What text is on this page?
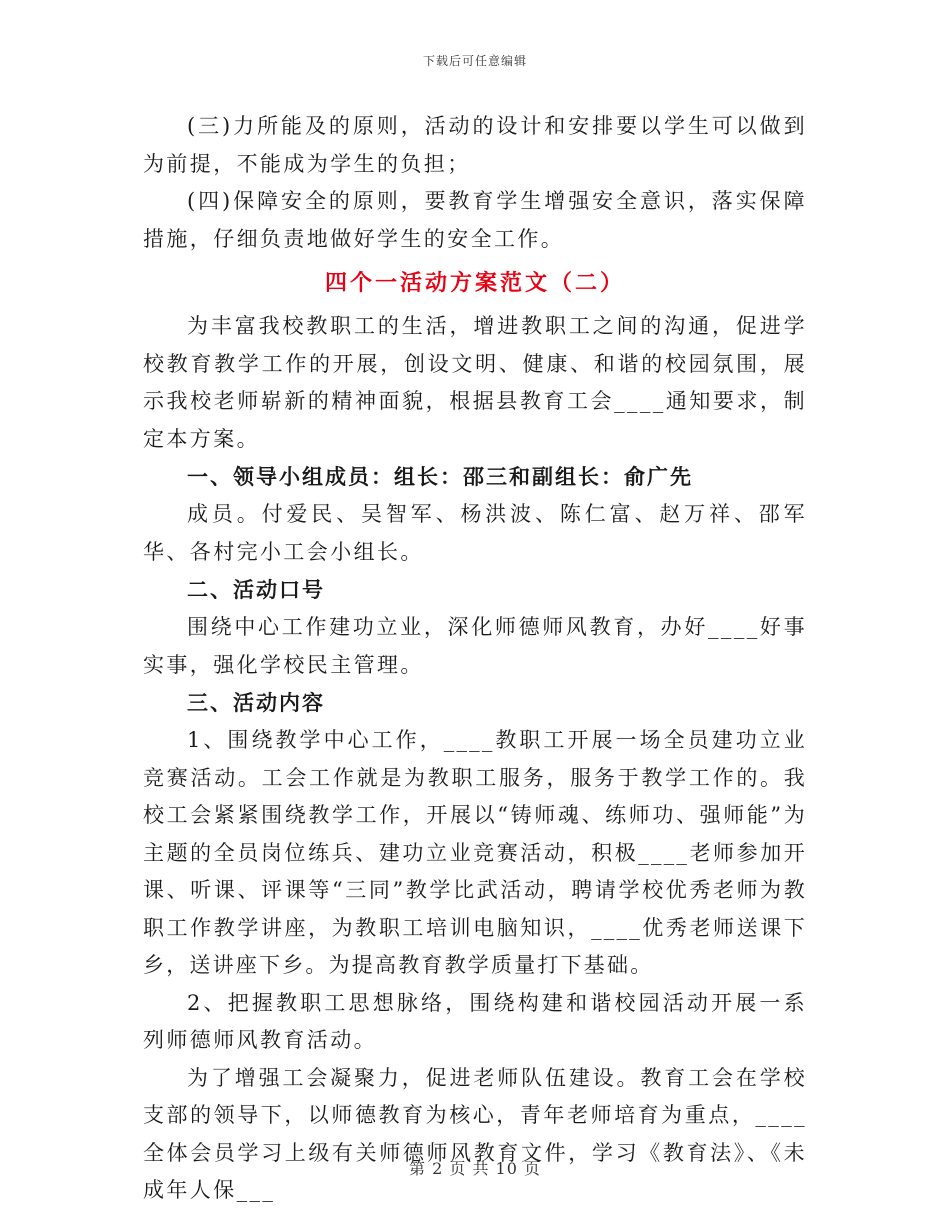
下载后可任意编辑

(三)力所能及的原则，活动的设计和安排要以学生可以做到为前提，不能成为学生的负担；

(四)保障安全的原则，要教育学生增强安全意识，落实保障措施，仔细负责地做好学生的安全工作。

四个一活动方案范文（二）

为丰富我校教职工的生活，增进教职工之间的沟通，促进学校教育教学工作的开展，创设文明、健康、和谐的校园氛围，展示我校老师崭新的精神面貌，根据县教育工会____通知要求，制定本方案。

一、领导小组成员：组长：邵三和副组长：俞广先

成员。付爱民、吴智军、杨洪波、陈仁富、赵万祥、邵军华、各村完小工会小组长。

二、活动口号

围绕中心工作建功立业，深化师德师风教育，办好____好事实事，强化学校民主管理。

三、活动内容

1、围绕教学中心工作，____教职工开展一场全员建功立业竞赛活动。工会工作就是为教职工服务，服务于教学工作的。我校工会紧紧围绕教学工作，开展以“铸师魂、练师功、强师能”为主题的全员岗位练兵、建功立业竞赛活动，积极____老师参加开课、听课、评课等“三同”教学比武活动，聘请学校优秀老师为教职工作教学讲座，为教职工培训电脑知识，____优秀老师送课下乡，送讲座下乡。为提高教育教学质量打下基础。

2、把握教职工思想脉络，围绕构建和谐校园活动开展一系列师德师风教育活动。

为了增强工会凝聚力，促进老师队伍建设。教育工会在学校支部的领导下，以师德教育为核心，青年老师培育为重点，____全体会员学习上级有关师德师风教育文件，学习《教育法》、《未成年人保___

第 2 页 共 10 页
